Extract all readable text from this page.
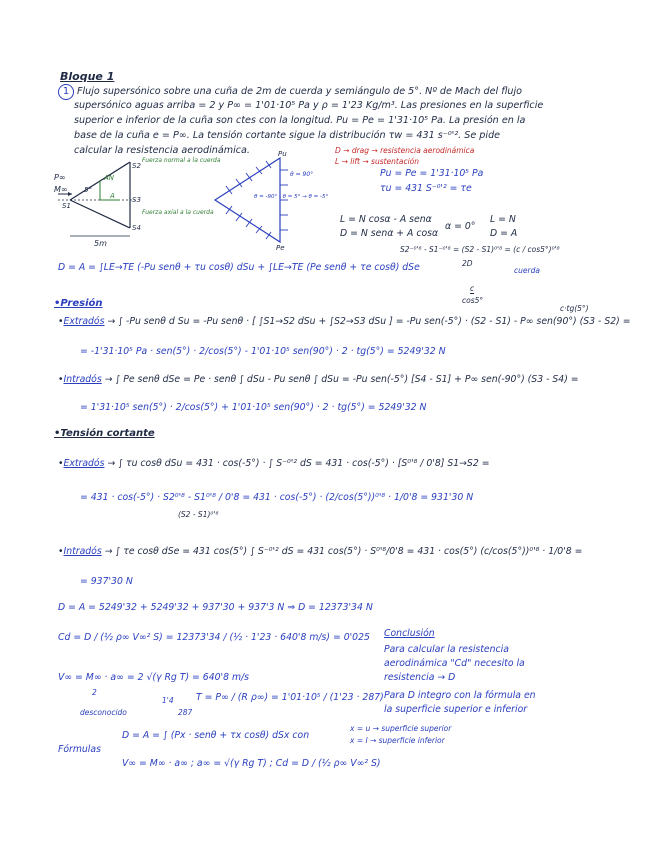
Bloque 1
1 Flujo supersónico sobre una cuña de 2m de cuerda y semiángulo de 5°. Nº de Mach del flujo
supersónico aguas arriba = 2 y P∞ = 1'01·10⁵ Pa y ρ = 1'23 Kg/m³. Las presiones en la superficie
superior e inferior de la cuña son ctes con la longitud. Pu = Pe = 1'31·10⁵ Pa. La presión en la
base de la cuña e = P∞. La tensión cortante sigue la distribución τw = 431 s⁻⁰'². Se pide
calcular la resistencia aerodinámica.	D → drag → resistencia aerodinámica
L → lift → sustentación
P∞
M∞ 5°
5m
S2
S3
S4
S1
AN
A
Fuerza normal a la cuerda
Fuerza axial a la cuerda
Pu
Pe
θ = 90°
θ = -90° - θ = 5° → θ = -5°
Pu = Pe = 1'31·10⁵ Pa
τu = 431 S⁻⁰'² = τe
L = N cosα - A senα
D = N senα + A cosα
α = 0°
L = N
D = A
S2⁻⁰'⁸ - S1⁻⁰'⁸ = (S2 - S1)⁰'⁸ = (c / cos5°)⁰'⁸
2D
cuerda
c
cos5°
D = A = ∫LE→TE (-Pu senθ + τu cosθ) dSu + ∫LE→TE (Pe senθ + τe cosθ) dSe
•Presión	c·tg(5°)
•Extradós → ∫ -Pu senθ d Su = -Pu senθ · [ ∫S1→S2 dSu + ∫S2→S3 dSu ] = -Pu sen(-5°) · (S2 - S1) - P∞ sen(90°) (S3 - S2) =
= -1'31·10⁵ Pa · sen(5°) · 2/cos(5°) - 1'01·10⁵ sen(90°) · 2 · tg(5°) = 5249'32 N
•Intradós → ∫ Pe senθ dSe = Pe · senθ ∫ dSu - Pu senθ ∫ dSu = -Pu sen(-5°) [S4 - S1] + P∞ sen(-90°) (S3 - S4) =
= 1'31·10⁵ sen(5°) · 2/cos(5°) + 1'01·10⁵ sen(90°) · 2 · tg(5°) = 5249'32 N
•Tensión cortante
•Extradós → ∫ τu cosθ dSu = 431 · cos(-5°) · ∫ S⁻⁰'² dS = 431 · cos(-5°) · [S⁰'⁸ / 0'8] S1→S2 =
= 431 · cos(-5°) · S2⁰'⁸ - S1⁰'⁸ / 0'8 = 431 · cos(-5°) · (2/cos(5°))⁰'⁸ · 1/0'8 = 931'30 N
(S2 - S1)⁰'⁸
•Intradós → ∫ τe cosθ dSe = 431 cos(5°) ∫ S⁻⁰'² dS = 431 cos(5°) · S⁰'⁸/0'8 = 431 · cos(5°) (c/cos(5°))⁰'⁸ · 1/0'8 =
= 937'30 N
D = A = 5249'32 + 5249'32 + 937'30 + 937'3 N ⇒ D = 12373'34 N
Cd = D / (½ ρ∞ V∞² S) = 12373'34 / (½ · 1'23 · 640'8 m/s) = 0'025
V∞ = M∞ · a∞ = 2 √(γ Rg T) = 640'8 m/s
2
desconocido
1'4
287
T = P∞ / (R ρ∞) = 1'01·10⁵ / (1'23 · 287)
Conclusión
Para calcular la resistencia
aerodinámica "Cd" necesito la
resistencia → D
Para D integro con la fórmula en
la superficie superior e inferior
Fórmulas
D = A = ∫ (Px · senθ + τx cosθ) dSx con
V∞ = M∞ · a∞ ; a∞ = √(γ Rg T) ; Cd = D / (½ ρ∞ V∞² S)
x = u → superficie superior
x = l → superficie inferior
